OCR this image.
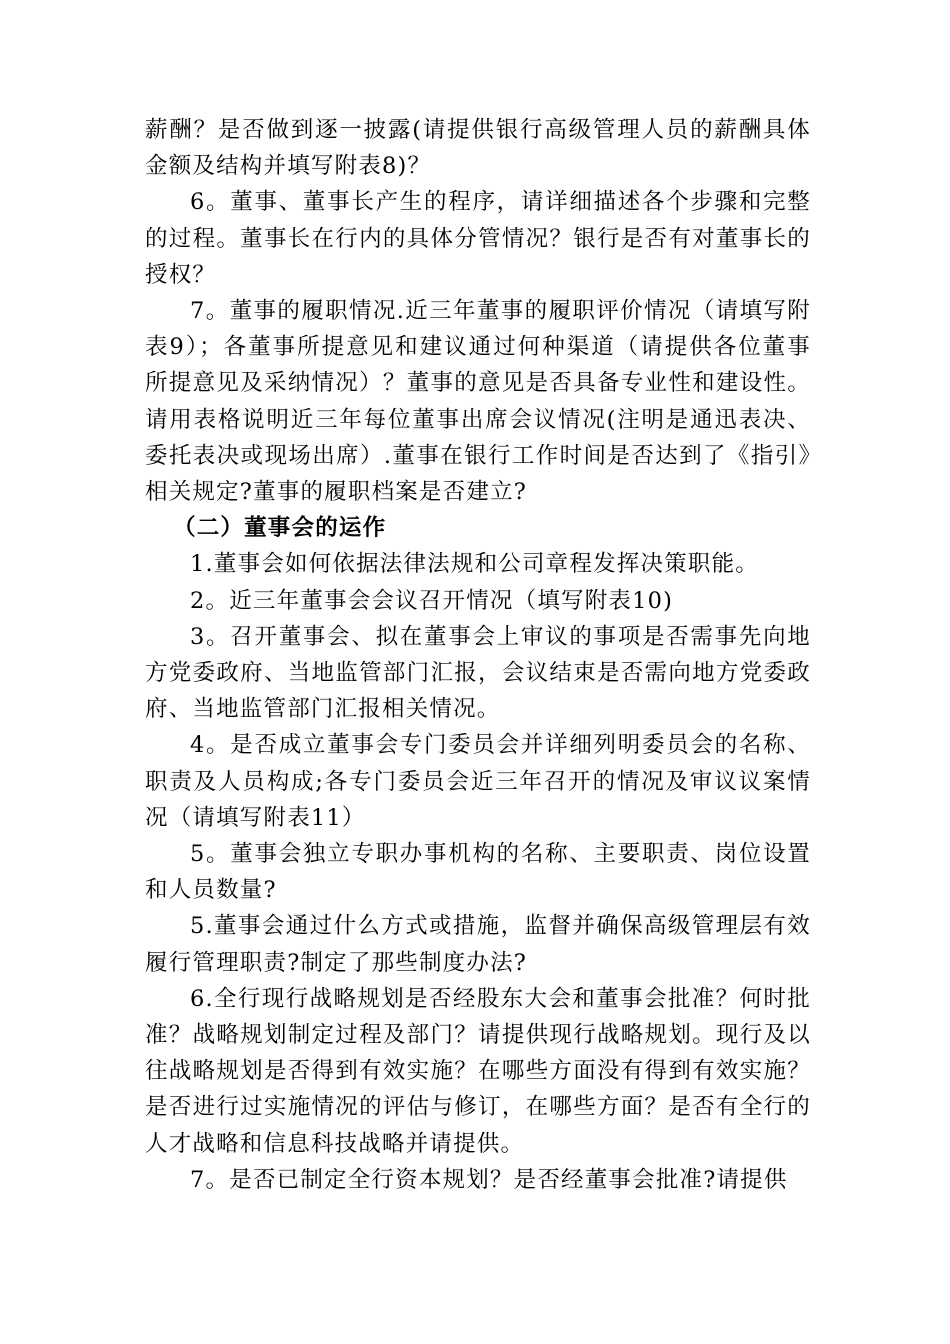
薪酬？是否做到逐一披露(请提供银行高级管理人员的薪酬具体金额及结构并填写附表8)？

6。董事、董事长产生的程序，请详细描述各个步骤和完整的过程。董事长在行内的具体分管情况？银行是否有对董事长的授权？

7。董事的履职情况.近三年董事的履职评价情况（请填写附表9）；各董事所提意见和建议通过何种渠道（请提供各位董事所提意见及采纳情况）？董事的意见是否具备专业性和建设性。请用表格说明近三年每位董事出席会议情况(注明是通迅表决、委托表决或现场出席）.董事在银行工作时间是否达到了《指引》相关规定?董事的履职档案是否建立?

（二）董事会的运作

1.董事会如何依据法律法规和公司章程发挥决策职能。

2。近三年董事会会议召开情况（填写附表10)

3。召开董事会、拟在董事会上审议的事项是否需事先向地方党委政府、当地监管部门汇报，会议结束是否需向地方党委政府、当地监管部门汇报相关情况。

4。是否成立董事会专门委员会并详细列明委员会的名称、职责及人员构成;各专门委员会近三年召开的情况及审议议案情况（请填写附表11）

5。董事会独立专职办事机构的名称、主要职责、岗位设置和人员数量?

5.董事会通过什么方式或措施，监督并确保高级管理层有效履行管理职责?制定了那些制度办法?

6.全行现行战略规划是否经股东大会和董事会批准？何时批准？战略规划制定过程及部门？请提供现行战略规划。现行及以往战略规划是否得到有效实施？在哪些方面没有得到有效实施？是否进行过实施情况的评估与修订，在哪些方面？是否有全行的人才战略和信息科技战略并请提供。

7。是否已制定全行资本规划？是否经董事会批准?请提供
